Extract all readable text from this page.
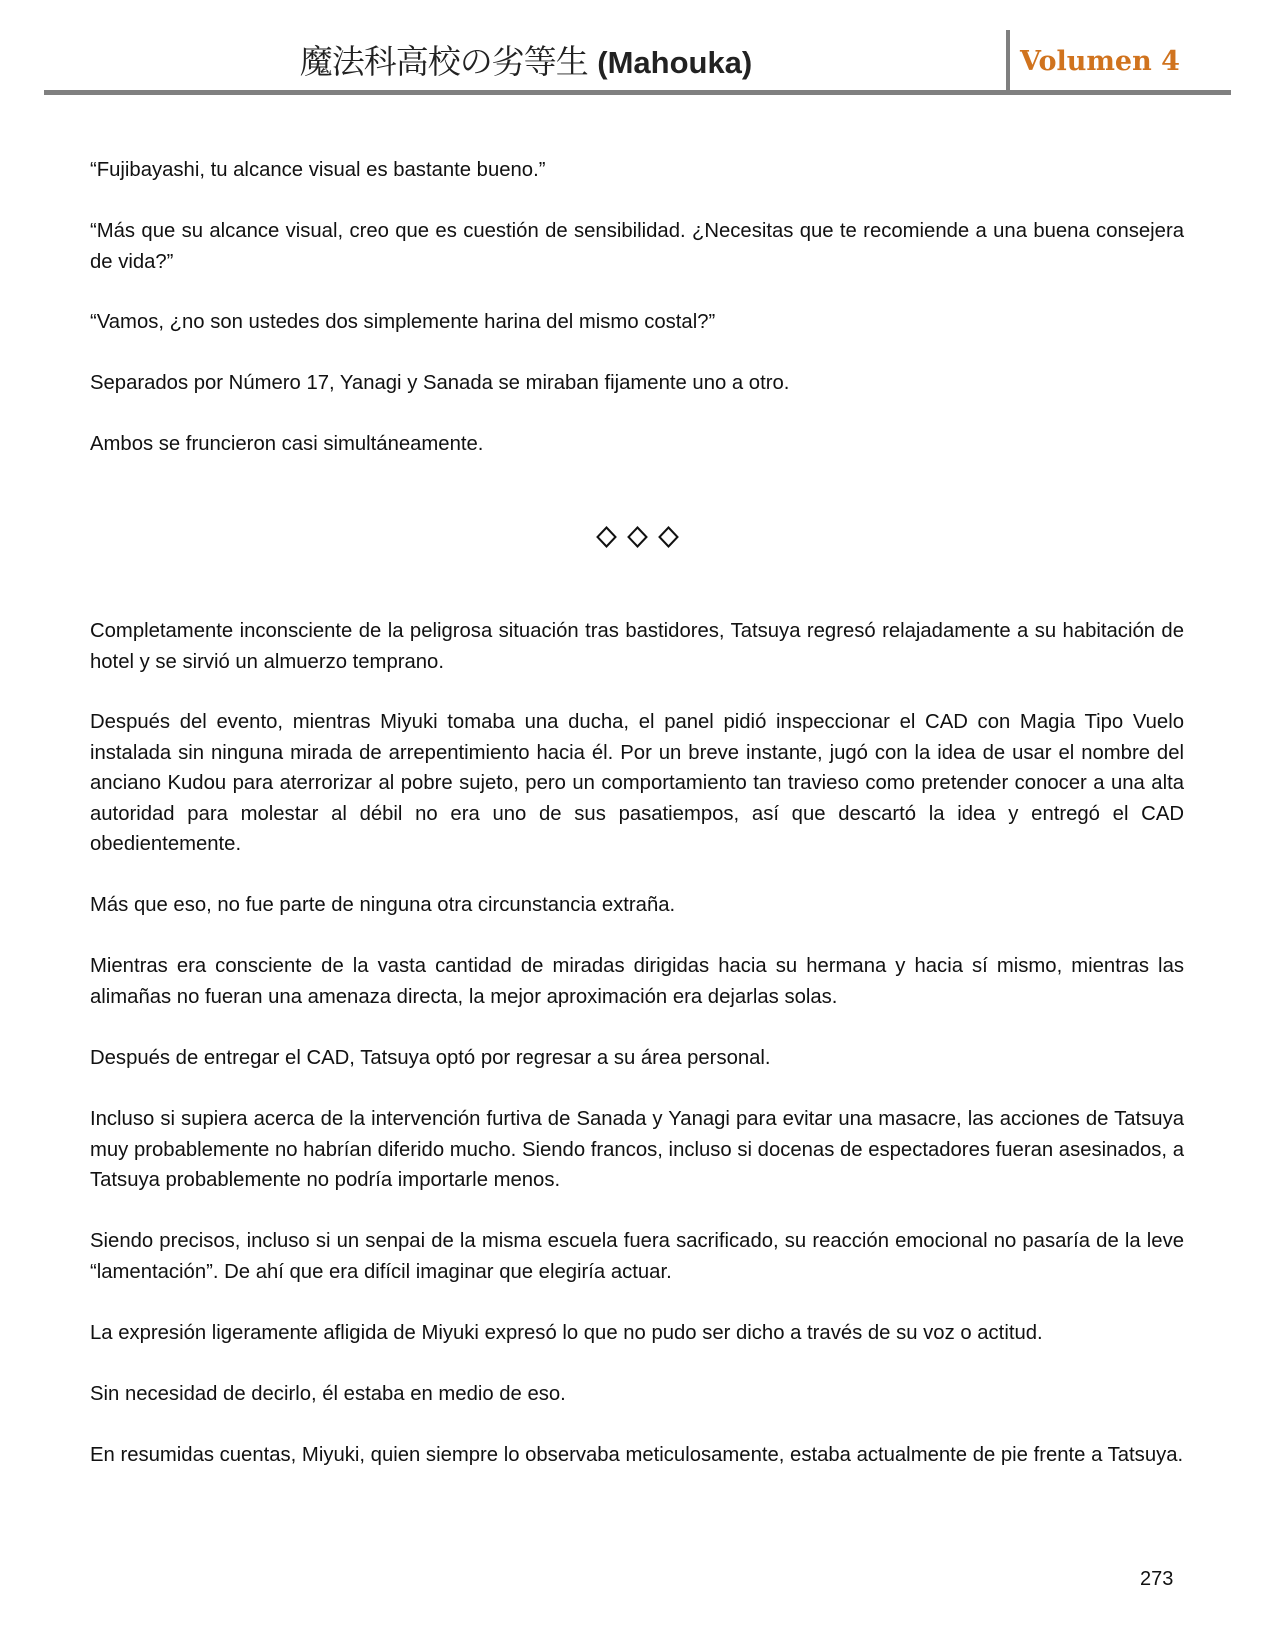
魔法科高校の劣等生 (Mahouka)	Volumen 4

“Fujibayashi, tu alcance visual es bastante bueno.”

“Más que su alcance visual, creo que es cuestión de sensibilidad. ¿Necesitas que te recomiende a una buena consejera de vida?”

“Vamos, ¿no son ustedes dos simplemente harina del mismo costal?”

Separados por Número 17, Yanagi y Sanada se miraban fijamente uno a otro.

Ambos se fruncieron casi simultáneamente.

Completamente inconsciente de la peligrosa situación tras bastidores, Tatsuya regresó relajadamente a su habitación de hotel y se sirvió un almuerzo temprano.

Después del evento, mientras Miyuki tomaba una ducha, el panel pidió inspeccionar el CAD con Magia Tipo Vuelo instalada sin ninguna mirada de arrepentimiento hacia él. Por un breve instante, jugó con la idea de usar el nombre del anciano Kudou para aterrorizar al pobre sujeto, pero un comportamiento tan travieso como pretender conocer a una alta autoridad para molestar al débil no era uno de sus pasatiempos, así que descartó la idea y entregó el CAD obedientemente.

Más que eso, no fue parte de ninguna otra circunstancia extraña.

Mientras era consciente de la vasta cantidad de miradas dirigidas hacia su hermana y hacia sí mismo, mientras las alimañas no fueran una amenaza directa, la mejor aproximación era dejarlas solas.

Después de entregar el CAD, Tatsuya optó por regresar a su área personal.

Incluso si supiera acerca de la intervención furtiva de Sanada y Yanagi para evitar una masacre, las acciones de Tatsuya muy probablemente no habrían diferido mucho. Siendo francos, incluso si docenas de espectadores fueran asesinados, a Tatsuya probablemente no podría importarle menos.

Siendo precisos, incluso si un senpai de la misma escuela fuera sacrificado, su reacción emocional no pasaría de la leve “lamentación”. De ahí que era difícil imaginar que elegiría actuar.

La expresión ligeramente afligida de Miyuki expresó lo que no pudo ser dicho a través de su voz o actitud.

Sin necesidad de decirlo, él estaba en medio de eso.

En resumidas cuentas, Miyuki, quien siempre lo observaba meticulosamente, estaba actualmente de pie frente a Tatsuya.

273
